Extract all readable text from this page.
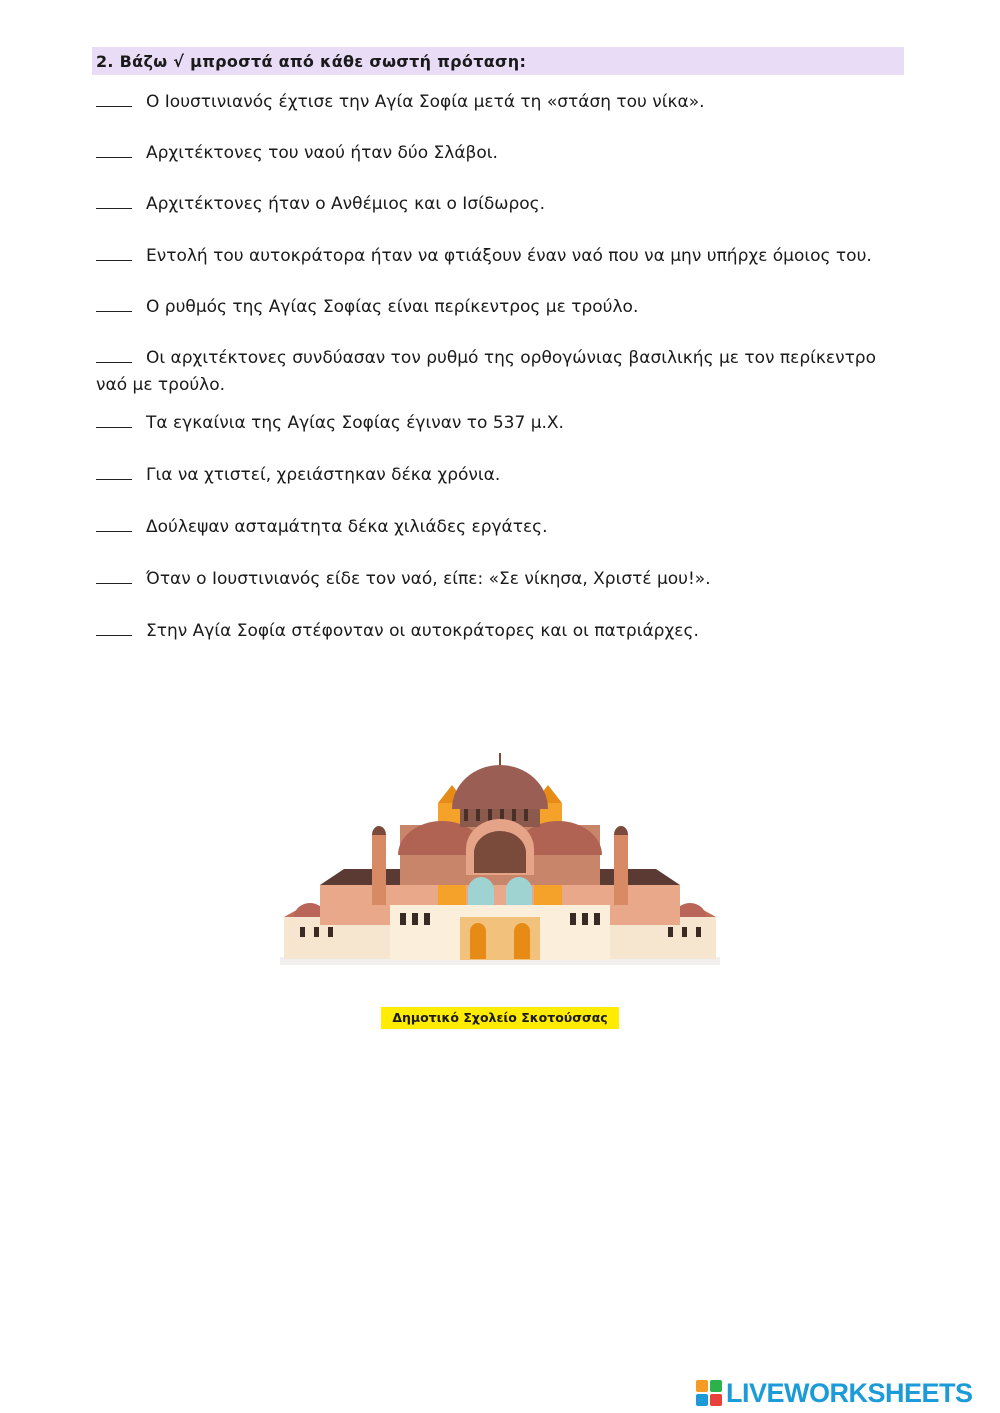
2. Βάζω √ μπροστά από κάθε σωστή πρόταση:
Ο Ιουστινιανός έχτισε την Αγία Σοφία μετά τη «στάση του νίκα».
Αρχιτέκτονες του ναού ήταν δύο Σλάβοι.
Αρχιτέκτονες ήταν ο Ανθέμιος και ο Ισίδωρος.
Εντολή του αυτοκράτορα ήταν να φτιάξουν έναν ναό που να μην υπήρχε όμοιος του.
Ο ρυθμός της Αγίας Σοφίας είναι περίκεντρος με τρούλο.
Οι αρχιτέκτονες συνδύασαν τον ρυθμό της ορθογώνιας βασιλικής με τον περίκεντρο ναό με τρούλο.
Τα εγκαίνια της Αγίας Σοφίας έγιναν το 537 μ.Χ.
Για να χτιστεί, χρειάστηκαν δέκα χρόνια.
Δούλεψαν ασταμάτητα δέκα χιλιάδες εργάτες.
Όταν ο Ιουστινιανός είδε τον ναό, είπε: «Σε νίκησα, Χριστέ μου!».
Στην Αγία Σοφία στέφονταν οι αυτοκράτορες και οι πατριάρχες.
Δημοτικό Σχολείο Σκοτούσσας
LIVEWORKSHEETS
